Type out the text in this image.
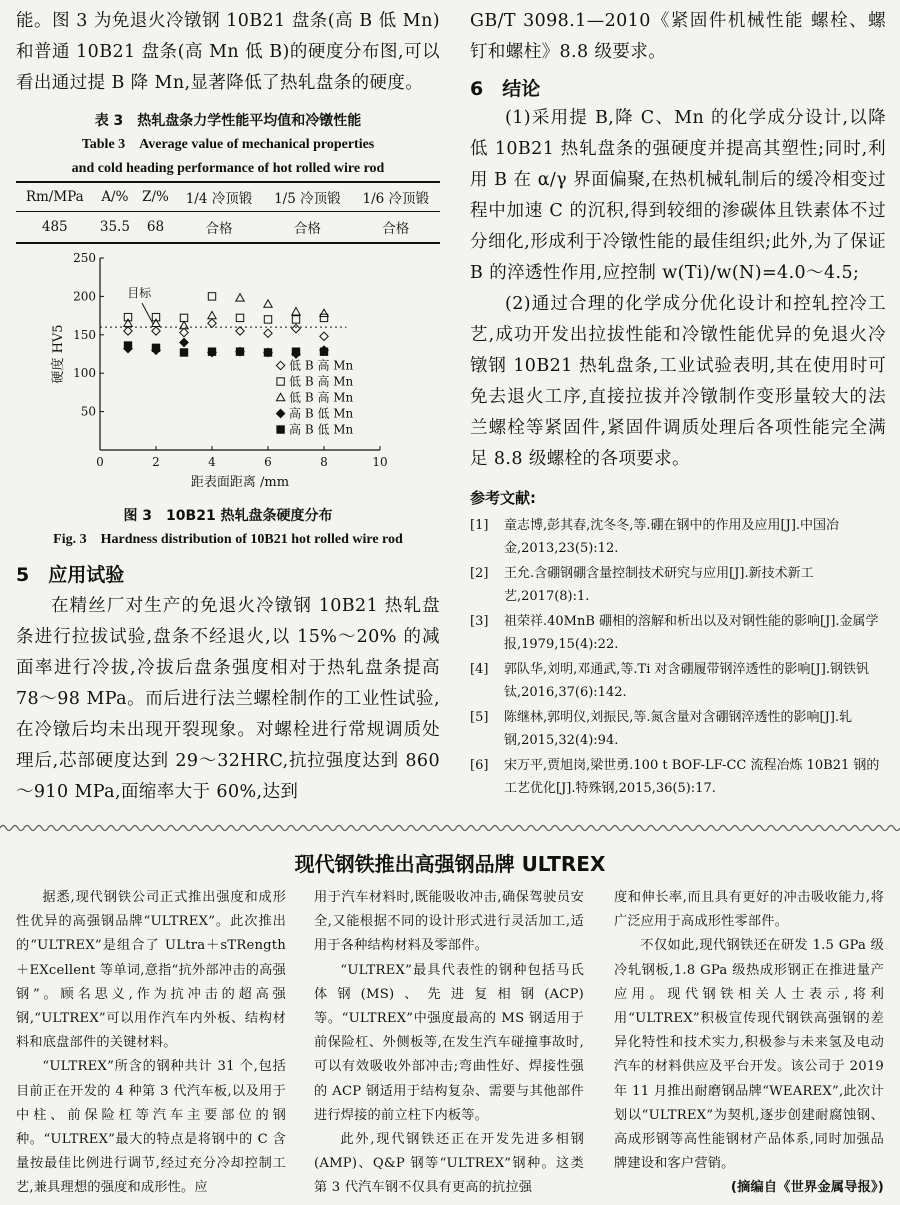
能。图 3 为免退火冷镦钢 10B21 盘条(高 B 低 Mn)和普通 10B21 盘条(高 Mn 低 B)的硬度分布图,可以看出通过提 B 降 Mn,显著降低了热轧盘条的硬度。

表 3　热轧盘条力学性能平均值和冷镦性能
Table 3　Average value of mechanical properties
and cold heading performance of hot rolled wire rod
Rm/MPa	A/%	Z/%	1/4 冷顶锻	1/5 冷顶锻	1/6 冷顶锻
485	35.5	68	合格	合格	合格
0	2	4	6	8	10
50
100
150
200
250
距表面距离 /mm
硬度 HV5
目标
低 B 高 Mn
低 B 高 Mn
低 B 高 Mn
高 B 低 Mn
高 B 低 Mn
图 3　10B21 热轧盘条硬度分布
Fig. 3　Hardness distribution of 10B21 hot rolled wire rod
5　应用试验

在精丝厂对生产的免退火冷镦钢 10B21 热轧盘条进行拉拔试验,盘条不经退火,以 15%～20% 的减面率进行冷拔,冷拔后盘条强度相对于热轧盘条提高 78～98 MPa。而后进行法兰螺栓制作的工业性试验,在冷镦后均未出现开裂现象。对螺栓进行常规调质处理后,芯部硬度达到 29～32HRC,抗拉强度达到 860～910 MPa,面缩率大于 60%,达到

GB/T 3098.1—2010《紧固件机械性能 螺栓、螺钉和螺柱》8.8 级要求。

6　结论

(1)采用提 B,降 C、Mn 的化学成分设计,以降低 10B21 热轧盘条的强硬度并提高其塑性;同时,利用 B 在 α/γ 界面偏聚,在热机械轧制后的缓冷相变过程中加速 C 的沉积,得到较细的渗碳体且铁素体不过分细化,形成利于冷镦性能的最佳组织;此外,为了保证 B 的淬透性作用,应控制 w(Ti)/w(N)=4.0～4.5;

(2)通过合理的化学成分优化设计和控轧控冷工艺,成功开发出拉拔性能和冷镦性能优异的免退火冷镦钢 10B21 热轧盘条,工业试验表明,其在使用时可免去退火工序,直接拉拔并冷镦制作变形量较大的法兰螺栓等紧固件,紧固件调质处理后各项性能完全满足 8.8 级螺栓的各项要求。

参考文献:
[1]	童志博,彭其春,沈冬冬,等.硼在钢中的作用及应用[J].中国冶金,2013,23(5):12.
[2]	王允.含硼钢硼含量控制技术研究与应用[J].新技术新工艺,2017(8):1.
[3]	祖荣祥.40MnB 硼相的溶解和析出以及对钢性能的影响[J].金属学报,1979,15(4):22.
[4]	郭队华,刘明,邓通武,等.Ti 对含硼履带钢淬透性的影响[J].钢铁钒钛,2016,37(6):142.
[5]	陈继林,郭明仪,刘振民,等.氮含量对含硼钢淬透性的影响[J].轧钢,2015,32(4):94.
[6]	宋万平,贾旭岗,梁世勇.100 t BOF-LF-CC 流程冶炼 10B21 钢的工艺优化[J].特殊钢,2015,36(5):17.
现代钢铁推出高强钢品牌 ULTREX

据悉,现代钢铁公司正式推出强度和成形性优异的高强钢品牌“ULTREX”。此次推出的“ULTREX”是组合了 ULtra＋sTRength＋EXcellent 等单词,意指“抗外部冲击的高强钢”。顾名思义,作为抗冲击的超高强钢,“ULTREX”可以用作汽车内外板、结构材料和底盘部件的关键材料。

“ULTREX”所含的钢种共计 31 个,包括目前正在开发的 4 种第 3 代汽车板,以及用于中柱、前保险杠等汽车主要部位的钢种。“ULTREX”最大的特点是将钢中的 C 含量按最佳比例进行调节,经过充分冷却控制工艺,兼具理想的强度和成形性。应

用于汽车材料时,既能吸收冲击,确保驾驶员安全,又能根据不同的设计形式进行灵活加工,适用于各种结构材料及零部件。

“ULTREX”最具代表性的钢种包括马氏体钢(MS)、先进复相钢(ACP)等。“ULTREX”中强度最高的 MS 钢适用于前保险杠、外侧板等,在发生汽车碰撞事故时,可以有效吸收外部冲击;弯曲性好、焊接性强的 ACP 钢适用于结构复杂、需要与其他部件进行焊接的前立柱下内板等。

此外,现代钢铁还正在开发先进多相钢(AMP)、Q&P 钢等“ULTREX”钢种。这类第 3 代汽车钢不仅具有更高的抗拉强

度和伸长率,而且具有更好的冲击吸收能力,将广泛应用于高成形性零部件。

不仅如此,现代钢铁还在研发 1.5 GPa 级冷轧钢板,1.8 GPa 级热成形钢正在推进量产应用。现代钢铁相关人士表示,将利用“ULTREX”积极宣传现代钢铁高强钢的差异化特性和技术实力,积极参与未来氢及电动汽车的材料供应及平台开发。该公司于 2019 年 11 月推出耐磨钢品牌“WEAREX”,此次计划以“ULTREX”为契机,逐步创建耐腐蚀钢、高成形钢等高性能钢材产品体系,同时加强品牌建设和客户营销。

(摘编自《世界金属导报》)
